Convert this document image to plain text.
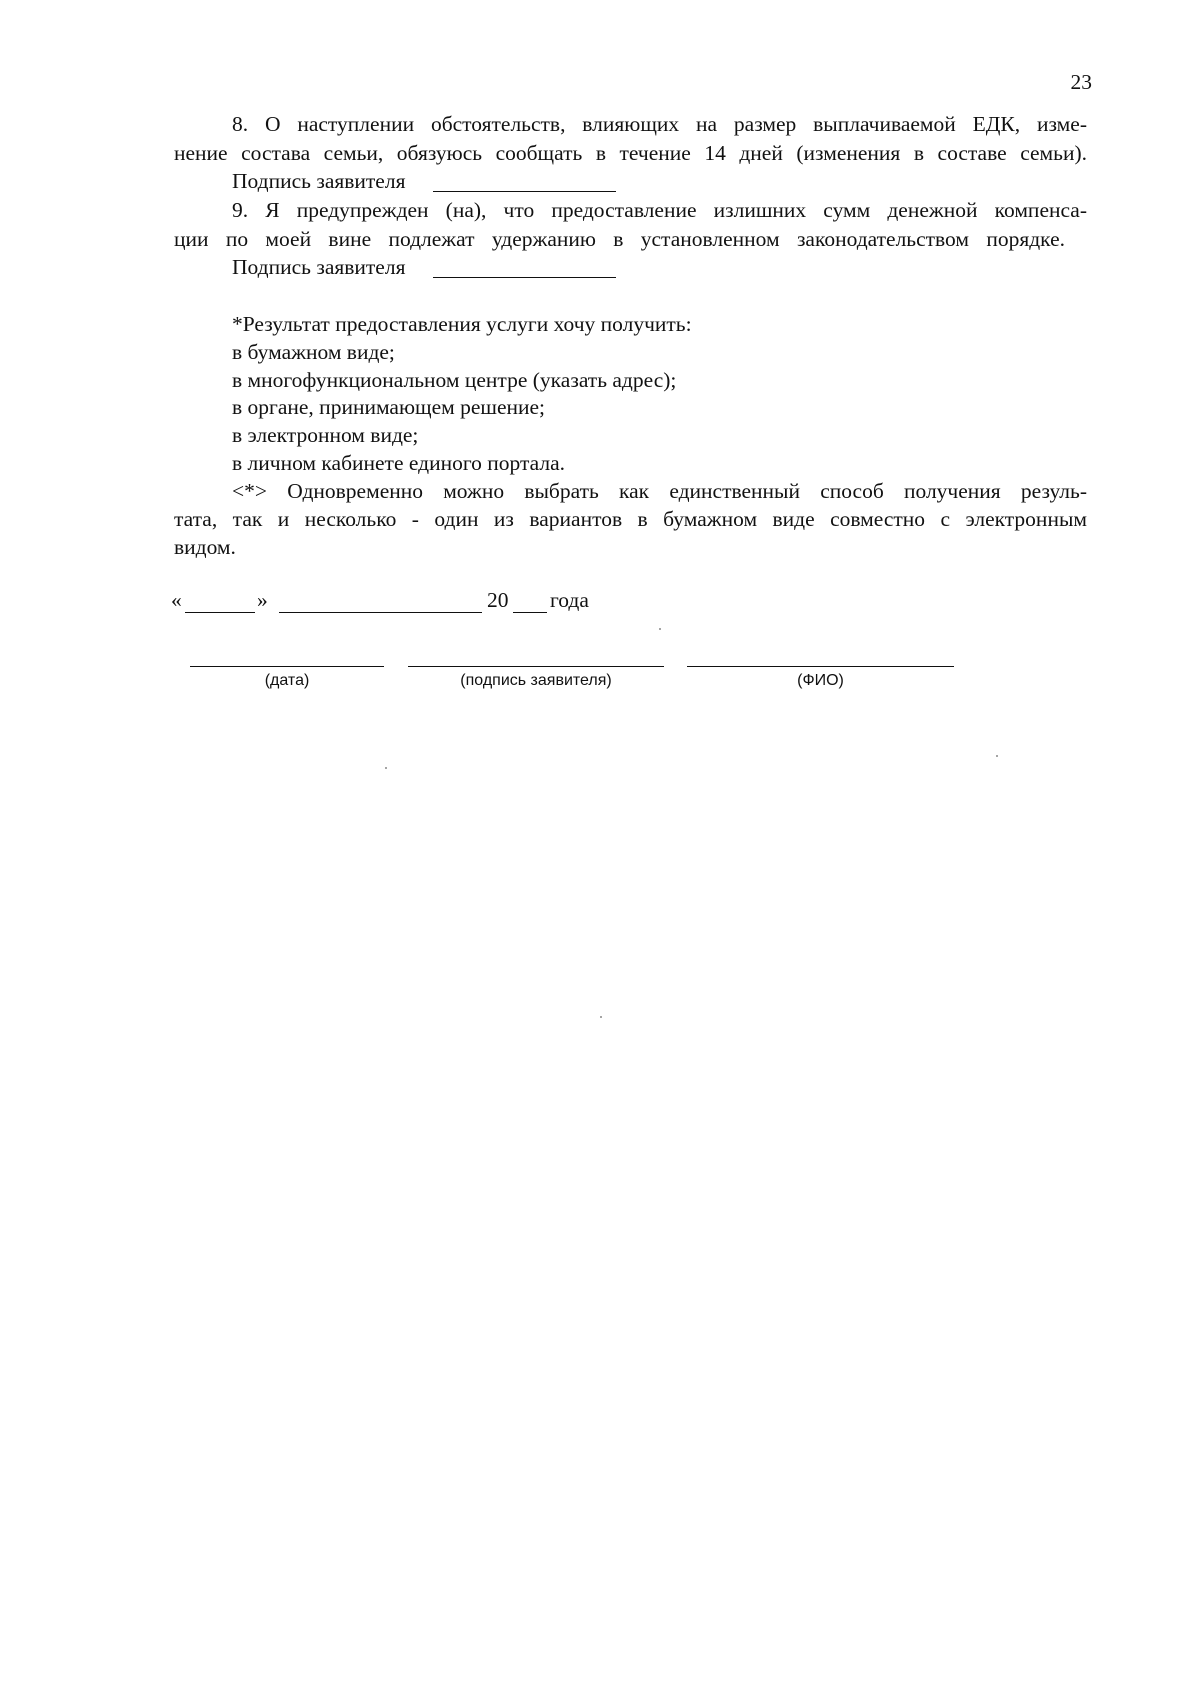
23
8. О наступлении обстоятельств, влияющих на размер выплачиваемой ЕДК, изме-
нение состава семьи, обязуюсь сообщать в течение 14 дней (изменения в составе семьи).
Подпись заявителя
9. Я предупрежден (на), что предоставление излишних сумм денежной компенса-
ции по моей вине подлежат удержанию в установленном законодательством порядке.
Подпись заявителя
*Результат предоставления услуги хочу получить:
в бумажном виде;
в многофункциональном центре (указать адрес);
в органе, принимающем решение;
в электронном виде;
в личном кабинете единого портала.
<*> Одновременно можно выбрать как единственный способ получения резуль-
тата, так и несколько - один из вариантов в бумажном виде совместно с электронным
видом.
«	»	20 года
(дата)	(подпись заявителя)	(ФИО)
